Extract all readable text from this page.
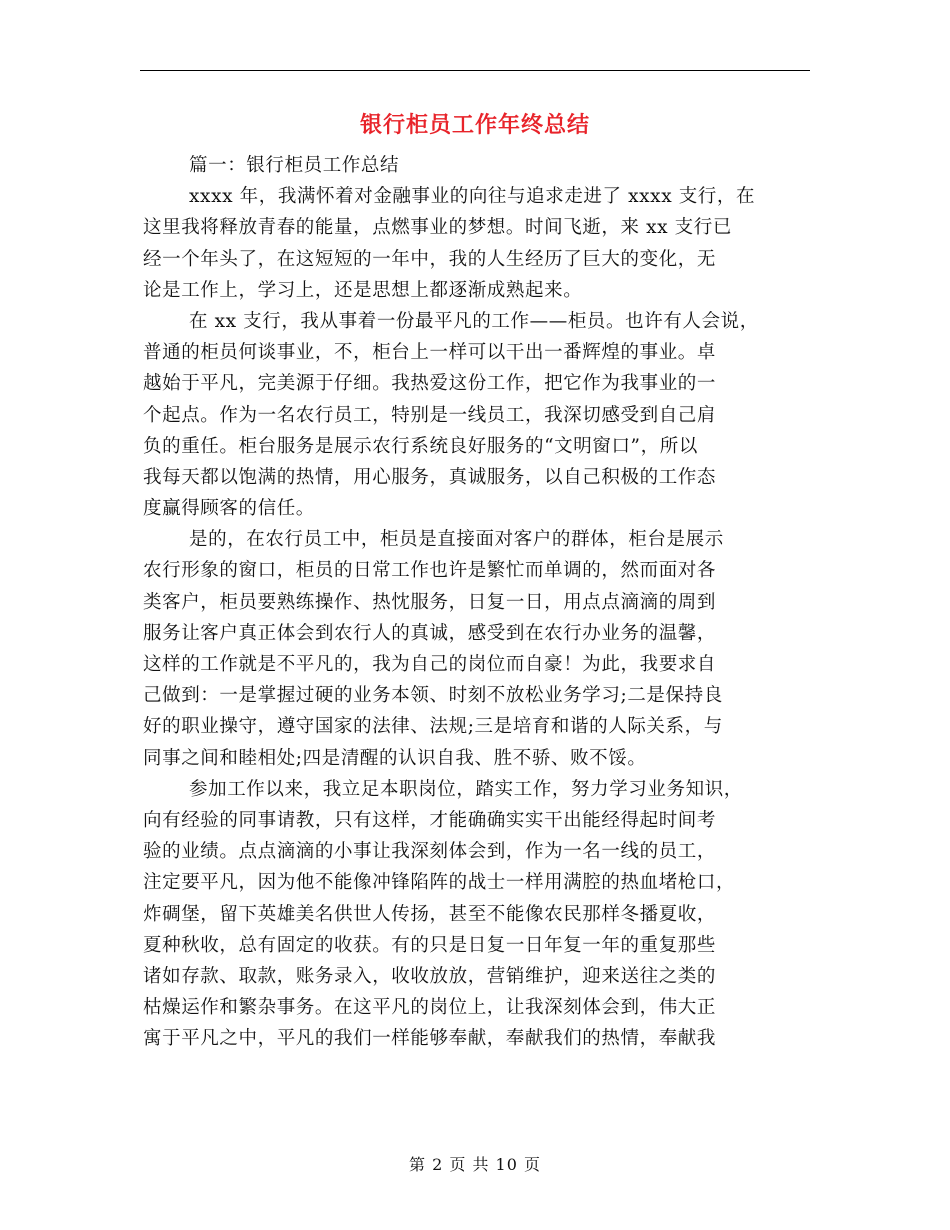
银行柜员工作年终总结
篇一：银行柜员工作总结
xxxx 年，我满怀着对金融事业的向往与追求走进了 xxxx 支行，在
这里我将释放青春的能量，点燃事业的梦想。时间飞逝，来 xx 支行已
经一个年头了，在这短短的一年中，我的人生经历了巨大的变化，无
论是工作上，学习上，还是思想上都逐渐成熟起来。
在 xx 支行，我从事着一份最平凡的工作——柜员。也许有人会说，
普通的柜员何谈事业，不，柜台上一样可以干出一番辉煌的事业。卓
越始于平凡，完美源于仔细。我热爱这份工作，把它作为我事业的一
个起点。作为一名农行员工，特别是一线员工，我深切感受到自己肩
负的重任。柜台服务是展示农行系统良好服务的“文明窗口”，所以
我每天都以饱满的热情，用心服务，真诚服务，以自己积极的工作态
度赢得顾客的信任。
是的，在农行员工中，柜员是直接面对客户的群体，柜台是展示
农行形象的窗口，柜员的日常工作也许是繁忙而单调的，然而面对各
类客户，柜员要熟练操作、热忱服务，日复一日，用点点滴滴的周到
服务让客户真正体会到农行人的真诚，感受到在农行办业务的温馨，
这样的工作就是不平凡的，我为自己的岗位而自豪！为此，我要求自
己做到：一是掌握过硬的业务本领、时刻不放松业务学习;二是保持良
好的职业操守，遵守国家的法律、法规;三是培育和谐的人际关系，与
同事之间和睦相处;四是清醒的认识自我、胜不骄、败不馁。
参加工作以来，我立足本职岗位，踏实工作，努力学习业务知识，
向有经验的同事请教，只有这样，才能确确实实干出能经得起时间考
验的业绩。点点滴滴的小事让我深刻体会到，作为一名一线的员工，
注定要平凡，因为他不能像冲锋陷阵的战士一样用满腔的热血堵枪口，
炸碉堡，留下英雄美名供世人传扬，甚至不能像农民那样冬播夏收，
夏种秋收，总有固定的收获。有的只是日复一日年复一年的重复那些
诸如存款、取款，账务录入，收收放放，营销维护，迎来送往之类的
枯燥运作和繁杂事务。在这平凡的岗位上，让我深刻体会到，伟大正
寓于平凡之中，平凡的我们一样能够奉献，奉献我们的热情，奉献我
第 2 页 共 10 页
